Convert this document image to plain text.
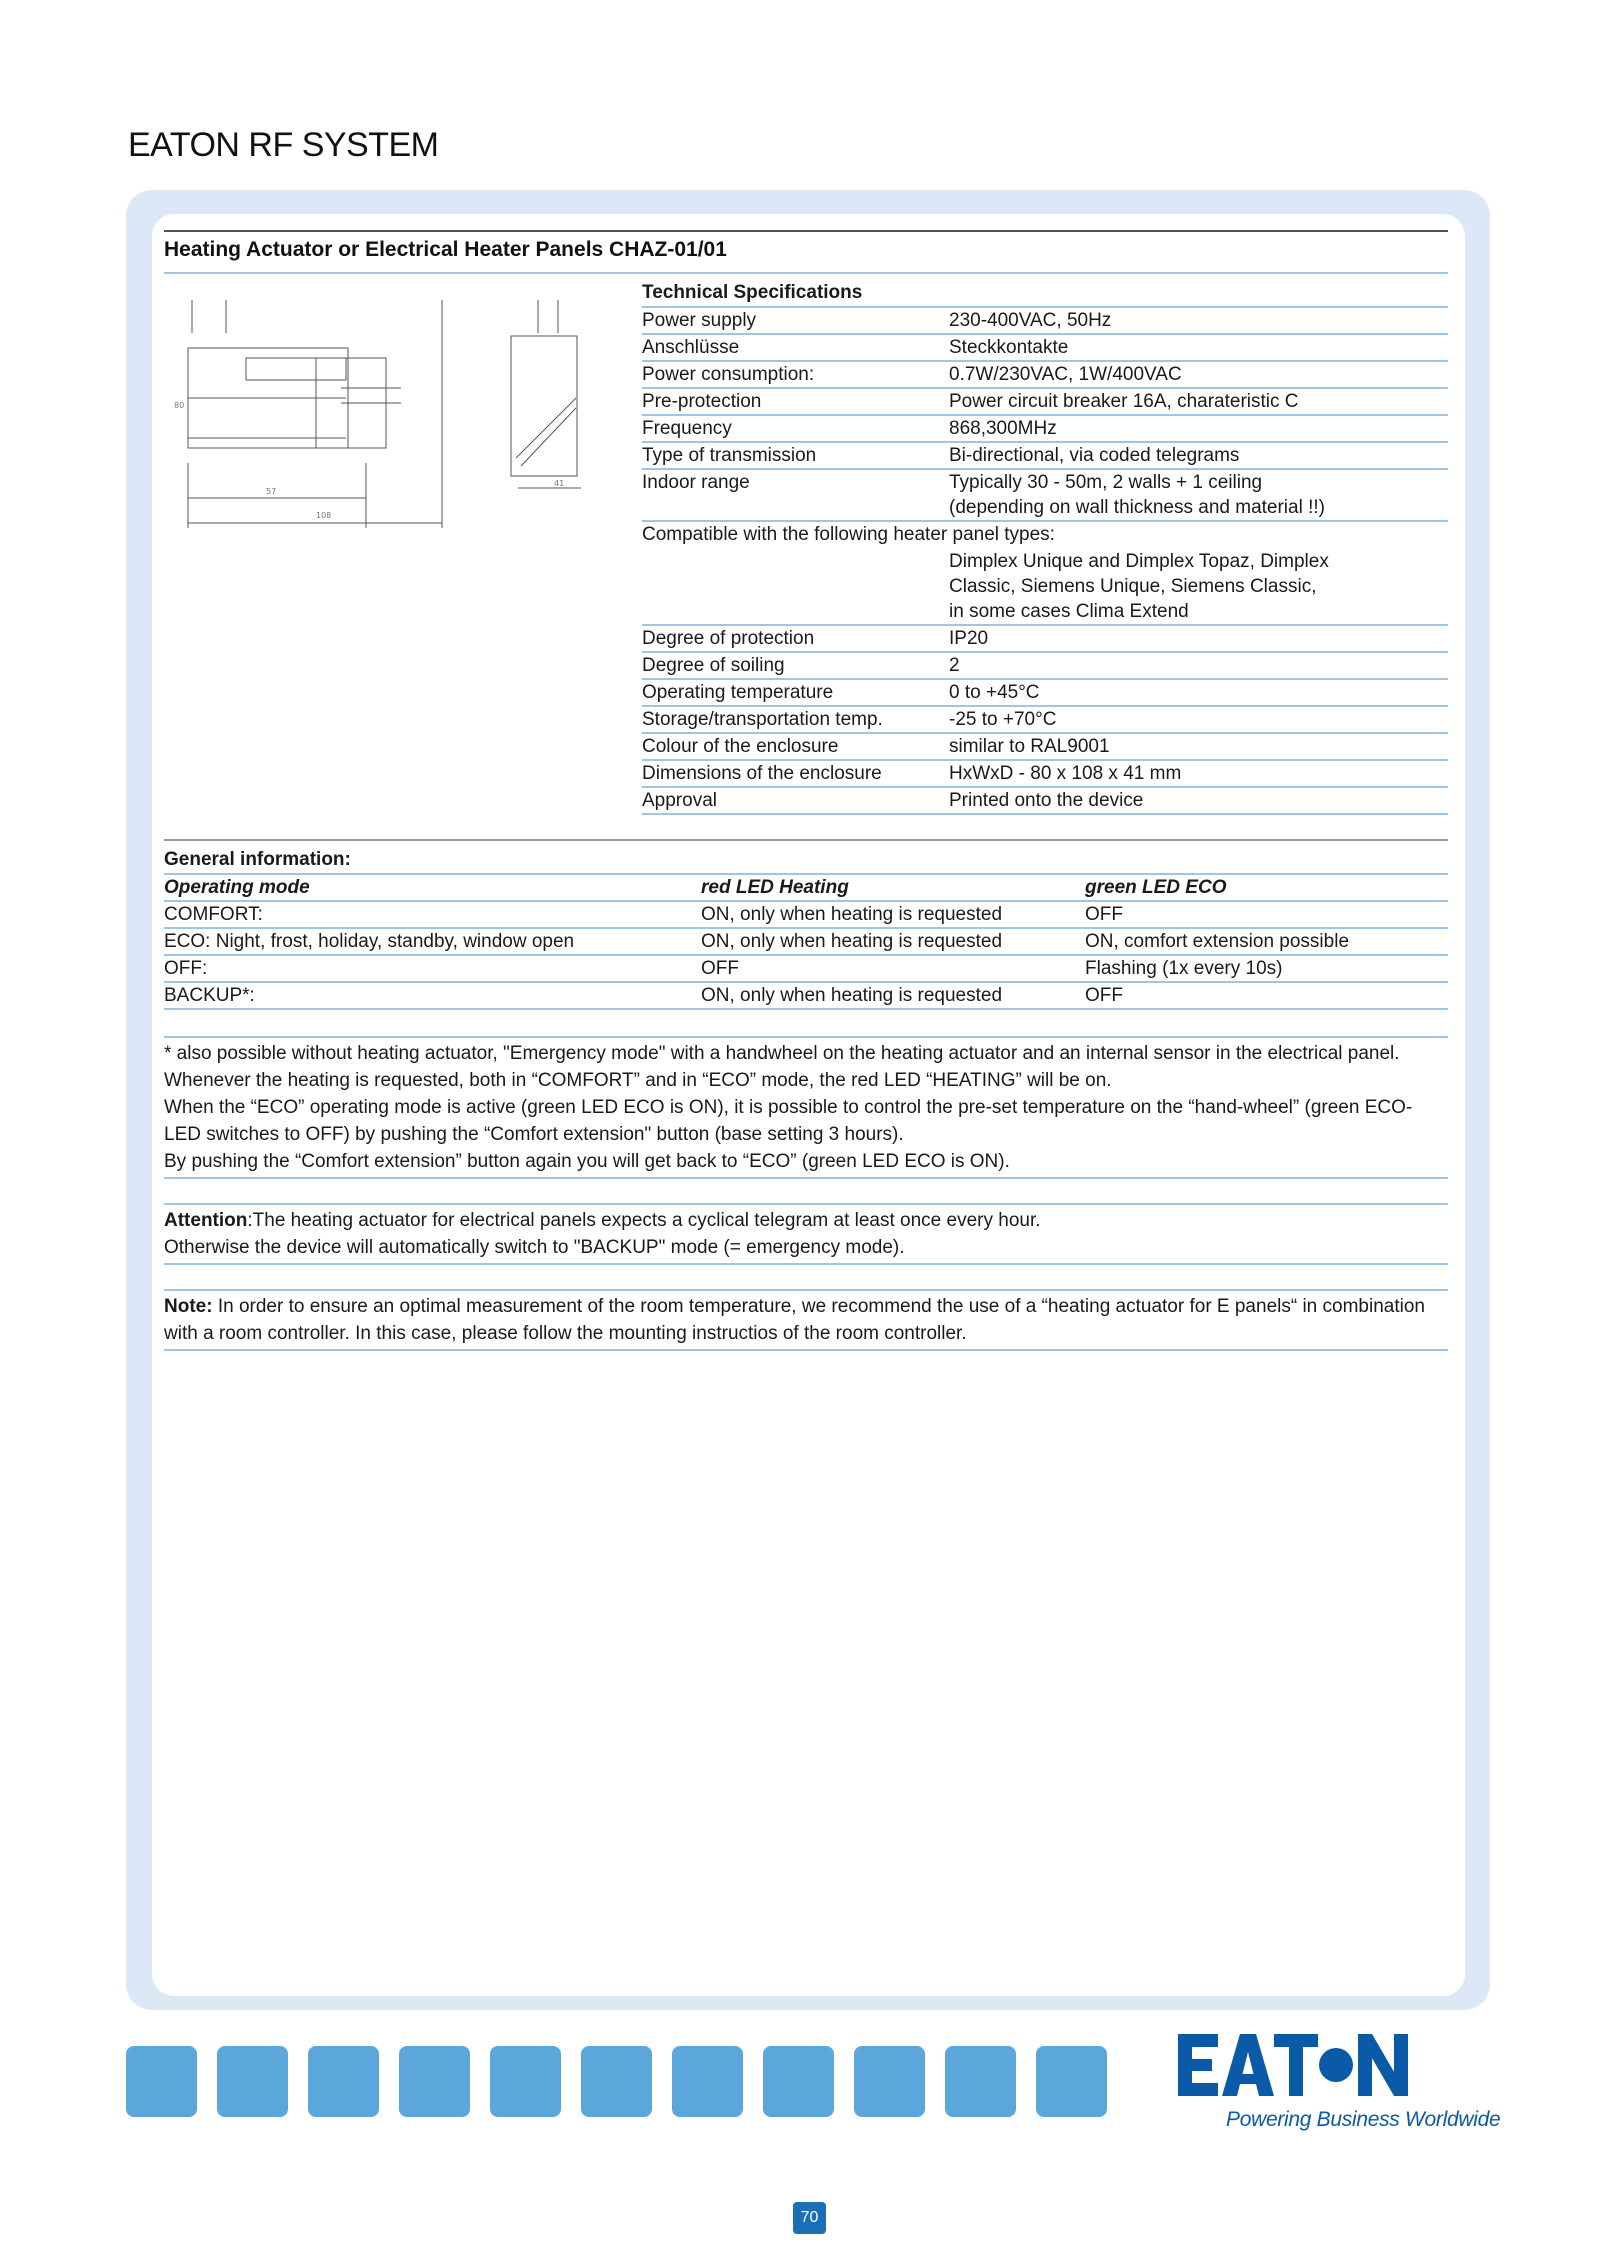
EATON RF SYSTEM
Heating Actuator or Electrical Heater Panels CHAZ-01/01
80
57
108
41
Technical Specifications
Power supply	230-400VAC, 50Hz
Anschlüsse	Steckkontakte
Power consumption:	0.7W/230VAC, 1W/400VAC
Pre-protection	Power circuit breaker 16A, charateristic C
Frequency	868,300MHz
Type of transmission	Bi-directional, via coded telegrams
Indoor range	Typically 30 - 50m, 2 walls + 1 ceiling
(depending on wall thickness and material !!)
Compatible with the following heater panel types:
Dimplex Unique and Dimplex Topaz, Dimplex
Classic, Siemens Unique, Siemens Classic,
in some cases Clima Extend
Degree of protection	IP20
Degree of soiling	2
Operating temperature	0 to +45°C
Storage/transportation temp.	-25 to +70°C
Colour of the enclosure	similar to RAL9001
Dimensions of the enclosure	HxWxD - 80 x 108 x 41 mm
Approval	Printed onto the device
General information:
Operating mode	red LED Heating	green LED ECO
COMFORT:	ON, only when heating is requested	OFF
ECO: Night, frost, holiday, standby, window open	ON, only when heating is requested	ON, comfort extension possible
OFF:	OFF	Flashing (1x every 10s)
BACKUP*:	ON, only when heating is requested	OFF

* also possible without heating actuator, "Emergency mode" with a handwheel on the heating actuator and an internal sensor in the electrical panel.

Whenever the heating is requested, both in “COMFORT” and in “ECO” mode, the red LED “HEATING” will be on.

When the “ECO” operating mode is active (green LED ECO is ON), it is possible to control the pre-set temperature on the “hand-wheel” (green ECO-LED switches to OFF) by pushing the “Comfort extension" button (base setting 3 hours).

By pushing the “Comfort extension” button again you will get back to “ECO” (green LED ECO is ON).

Attention:The heating actuator for electrical panels expects a cyclical telegram at least once every hour.

Otherwise the device will automatically switch to "BACKUP" mode (= emergency mode).

Note: In order to ensure an optimal measurement of the room temperature, we recommend the use of a “heating actuator for E panels“ in combination with a room controller. In this case, please follow the mounting instructios of the room controller.

Powering Business Worldwide
70
